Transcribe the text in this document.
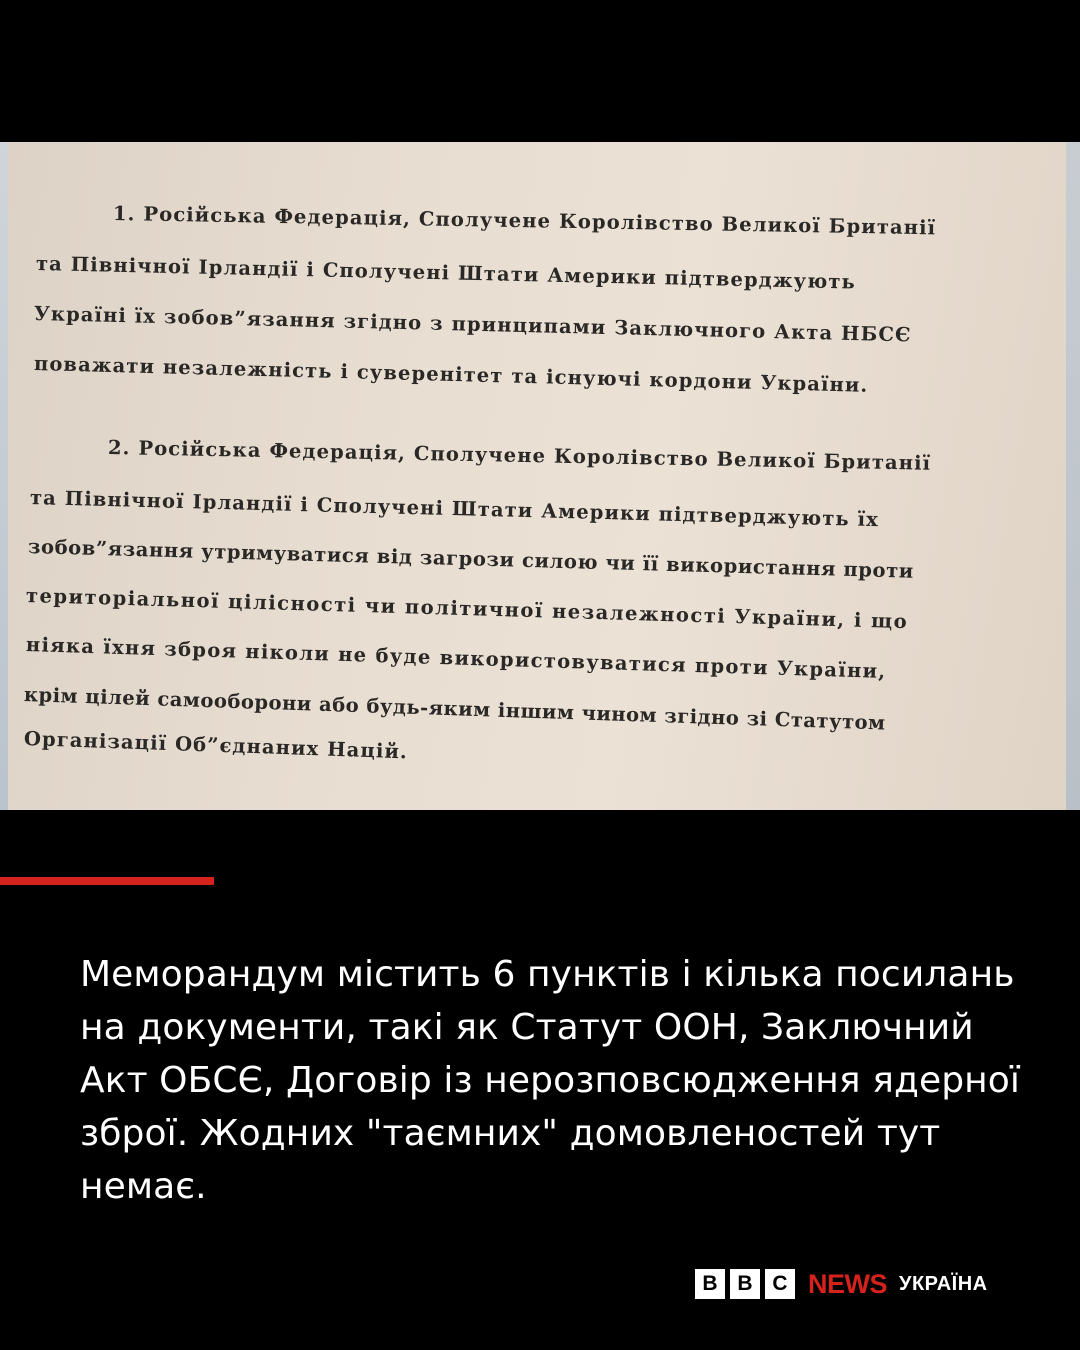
1. Російська Федерація, Сполучене Королівство Великої Британії
та Північної Ірландії і Сполучені Штати Америки підтверджують
Україні їх зобов”язання згідно з принципами Заключного Акта НБСЄ
поважати незалежність і суверенітет та існуючі кордони України.
2. Російська Федерація, Сполучене Королівство Великої Британії
та Північної Ірландії і Сполучені Штати Америки підтверджують їх
зобов”язання утримуватися від загрози силою чи її використання проти
територіальної цілісності чи політичної незалежності України, і що
ніяка їхня зброя ніколи не буде використовуватися проти України,
крім цілей самооборони або будь-яким іншим чином згідно зі Статутом
Організації Об”єднаних Націй.

Меморандум містить 6 пунктів і кілька посилань на документи, такі як Статут ООН, Заключний Акт ОБСЄ, Договір із нерозповсюдження ядерної зброї. Жодних "таємних" домовленостей тут немає.

B B C NEWS УКРАЇНА
